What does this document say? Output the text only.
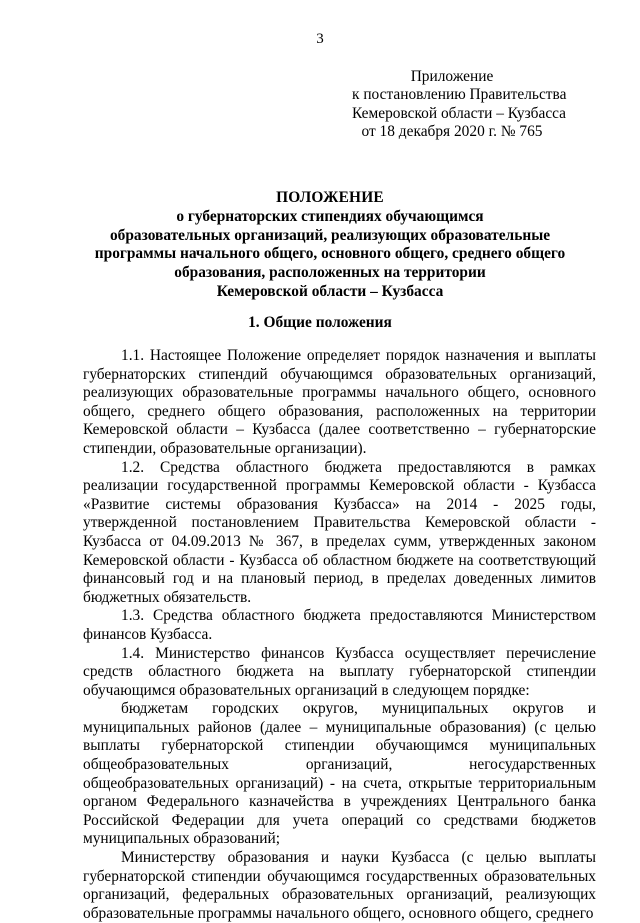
3
Приложение
к постановлению Правительства
Кемеровской области – Кузбасса
от 18 декабря 2020 г. № 765
ПОЛОЖЕНИЕ
о губернаторских стипендиях обучающимся
образовательных организаций, реализующих образовательные
программы начального общего, основного общего, среднего общего
образования, расположенных на территории
Кемеровской области – Кузбасса
1. Общие положения

1.1. Настоящее Положение определяет порядок назначения и выплаты губернаторских стипендий обучающимся образовательных организаций, реализующих образовательные программы начального общего, основного общего, среднего общего образования, расположенных на территории Кемеровской области – Кузбасса (далее соответственно – губернаторские стипендии, образовательные организации).

1.2. Средства областного бюджета предоставляются в рамках реализации государственной программы Кемеровской области - Кузбасса «Развитие системы образования Кузбасса» на 2014 - 2025 годы, утвержденной постановлением Правительства Кемеровской области - Кузбасса от 04.09.2013 № 367, в пределах сумм, утвержденных законом Кемеровской области - Кузбасса об областном бюджете на соответствующий финансовый год и на плановый период, в пределах доведенных лимитов бюджетных обязательств.

1.3. Средства областного бюджета предоставляются Министерством финансов Кузбасса.

1.4. Министерство финансов Кузбасса осуществляет перечисление средств областного бюджета на выплату губернаторской стипендии обучающимся образовательных организаций в следующем порядке:

бюджетам городских округов, муниципальных округов и муниципальных районов (далее – муниципальные образования) (с целью выплаты губернаторской стипендии обучающимся муниципальных общеобразовательных организаций, негосударственных общеобразовательных организаций) - на счета, открытые территориальным органом Федерального казначейства в учреждениях Центрального банка Российской Федерации для учета операций со средствами бюджетов муниципальных образований;

Министерству образования и науки Кузбасса (с целью выплаты губернаторской стипендии обучающимся государственных образовательных организаций, федеральных образовательных организаций, реализующих образовательные программы начального общего, основного общего, среднего
